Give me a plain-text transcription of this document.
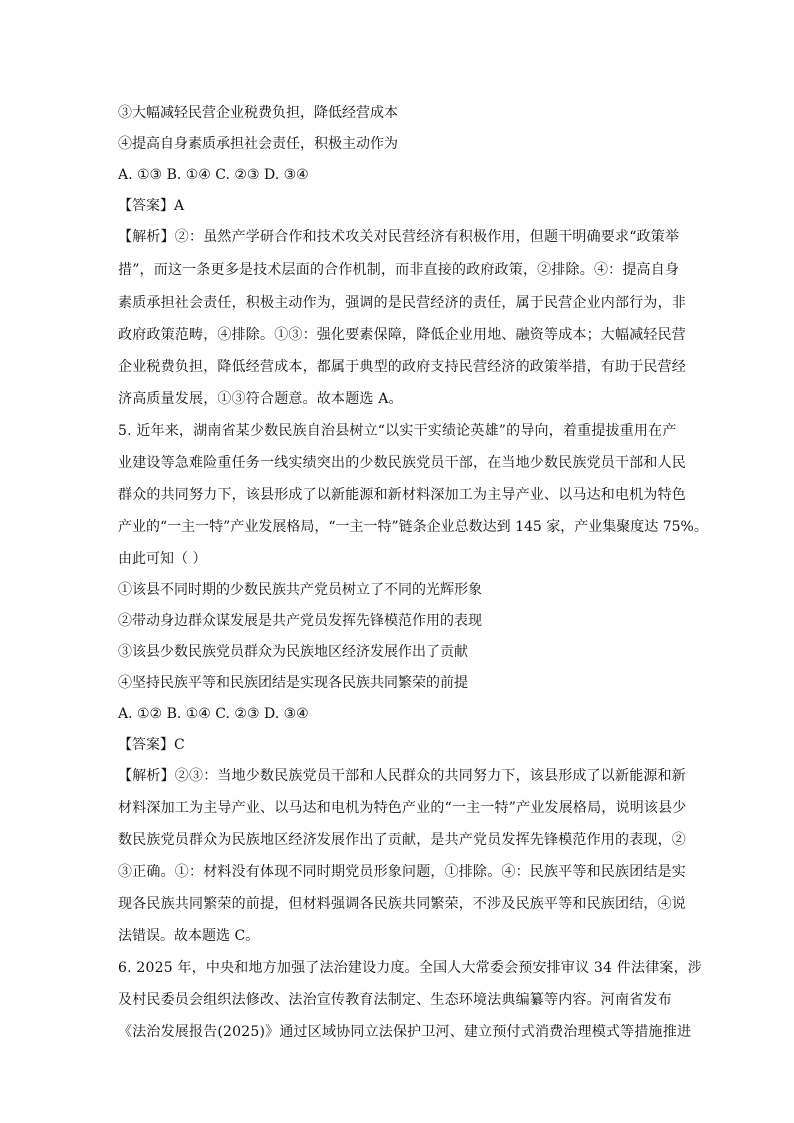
③大幅减轻民营企业税费负担，降低经营成本
④提高自身素质承担社会责任，积极主动作为
A. ①③ B. ①④ C. ②③ D. ③④
【答案】A
【解析】②：虽然产学研合作和技术攻关对民营经济有积极作用，但题干明确要求“政策举
措”，而这一条更多是技术层面的合作机制，而非直接的政府政策，②排除。④：提高自身
素质承担社会责任，积极主动作为，强调的是民营经济的责任，属于民营企业内部行为，非
政府政策范畴，④排除。①③：强化要素保障，降低企业用地、融资等成本；大幅减轻民营
企业税费负担，降低经营成本，都属于典型的政府支持民营经济的政策举措，有助于民营经
济高质量发展，①③符合题意。故本题选 A。
5. 近年来，湖南省某少数民族自治县树立“以实干实绩论英雄”的导向，着重提拔重用在产
业建设等急难险重任务一线实绩突出的少数民族党员干部，在当地少数民族党员干部和人民
群众的共同努力下，该县形成了以新能源和新材料深加工为主导产业、以马达和电机为特色
产业的“一主一特”产业发展格局，“一主一特”链条企业总数达到 145 家，产业集聚度达 75%。
由此可知（ ）
①该县不同时期的少数民族共产党员树立了不同的光辉形象
②带动身边群众谋发展是共产党员发挥先锋模范作用的表现
③该县少数民族党员群众为民族地区经济发展作出了贡献
④坚持民族平等和民族团结是实现各民族共同繁荣的前提
A. ①② B. ①④ C. ②③ D. ③④
【答案】C
【解析】②③：当地少数民族党员干部和人民群众的共同努力下，该县形成了以新能源和新
材料深加工为主导产业、以马达和电机为特色产业的“一主一特”产业发展格局，说明该县少
数民族党员群众为民族地区经济发展作出了贡献，是共产党员发挥先锋模范作用的表现，②
③正确。①：材料没有体现不同时期党员形象问题，①排除。④：民族平等和民族团结是实
现各民族共同繁荣的前提，但材料强调各民族共同繁荣，不涉及民族平等和民族团结，④说
法错误。故本题选 C。
6. 2025 年，中央和地方加强了法治建设力度。全国人大常委会预安排审议 34 件法律案，涉
及村民委员会组织法修改、法治宣传教育法制定、生态环境法典编纂等内容。河南省发布
《法治发展报告(2025)》通过区域协同立法保护卫河、建立预付式消费治理模式等措施推进
